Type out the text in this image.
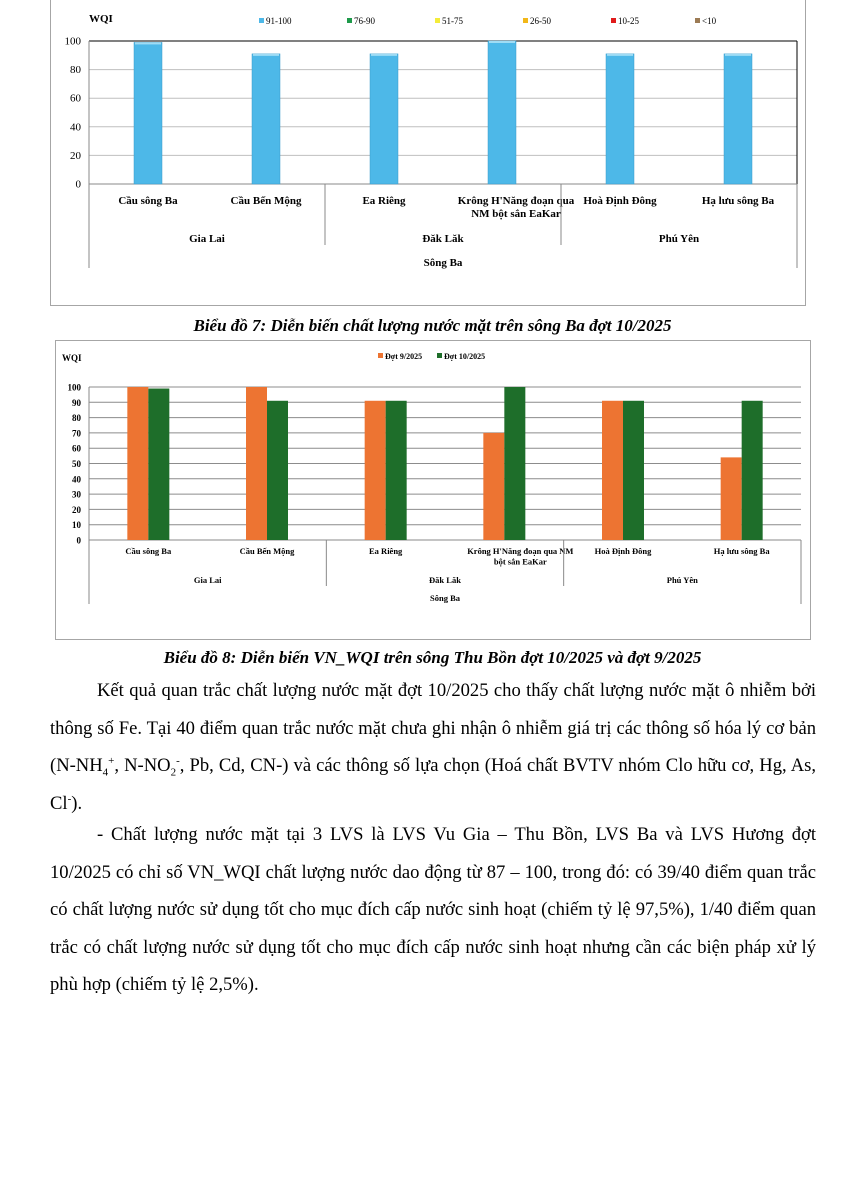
WQI	91-100	76-90	51-75	26-50	10-25	<10
0
20
40
60
80
100
Cầu sông Ba	Cầu Bến Mộng	Ea Riêng	Krông H'Năng đoạn qua
NM bột sắn EaKar
Hoà Định Đông	Hạ lưu sông Ba
Gia Lai	Đăk Lăk	Phú Yên
Sông Ba
Biểu đồ 7: Diễn biến chất lượng nước mặt trên sông Ba đợt 10/2025
WQI	Đợt 9/2025	Đợt 10/2025
0
10
20
30
40
50
60
70
80
90
100
Cầu sông Ba	Cầu Bến Mộng	Ea Riêng	Krông H'Năng đoạn qua NM
bột sắn EaKar
Hoà Định Đông	Hạ lưu sông Ba
Gia Lai	Đăk Lăk	Phú Yên
Sông Ba
Biểu đồ 8: Diễn biến VN_WQI trên sông Thu Bồn đợt 10/2025 và đợt 9/2025

Kết quả quan trắc chất lượng nước mặt đợt 10/2025 cho thấy chất lượng nước mặt ô nhiễm bởi thông số Fe. Tại 40 điểm quan trắc nước mặt chưa ghi nhận ô nhiễm giá trị các thông số hóa lý cơ bản ($N-NH_4^+$, $N-NO_2^-$, Pb, Cd, CN-) và các thông số lựa chọn (Hoá chất BVTV nhóm Clo hữu cơ, Hg, As, Cl-).

- Chất lượng nước mặt tại 3 LVS là LVS Vu Gia – Thu Bồn, LVS Ba và LVS Hương đợt 10/2025 có chỉ số VN_WQI chất lượng nước dao động từ 87 – 100, trong đó: có 39/40 điểm quan trắc có chất lượng nước sử dụng tốt cho mục đích cấp nước sinh hoạt (chiếm tỷ lệ 97,5%), 1/40 điểm quan trắc có chất lượng nước sử dụng tốt cho mục đích cấp nước sinh hoạt nhưng cần các biện pháp xử lý phù hợp (chiếm tỷ lệ 2,5%).
